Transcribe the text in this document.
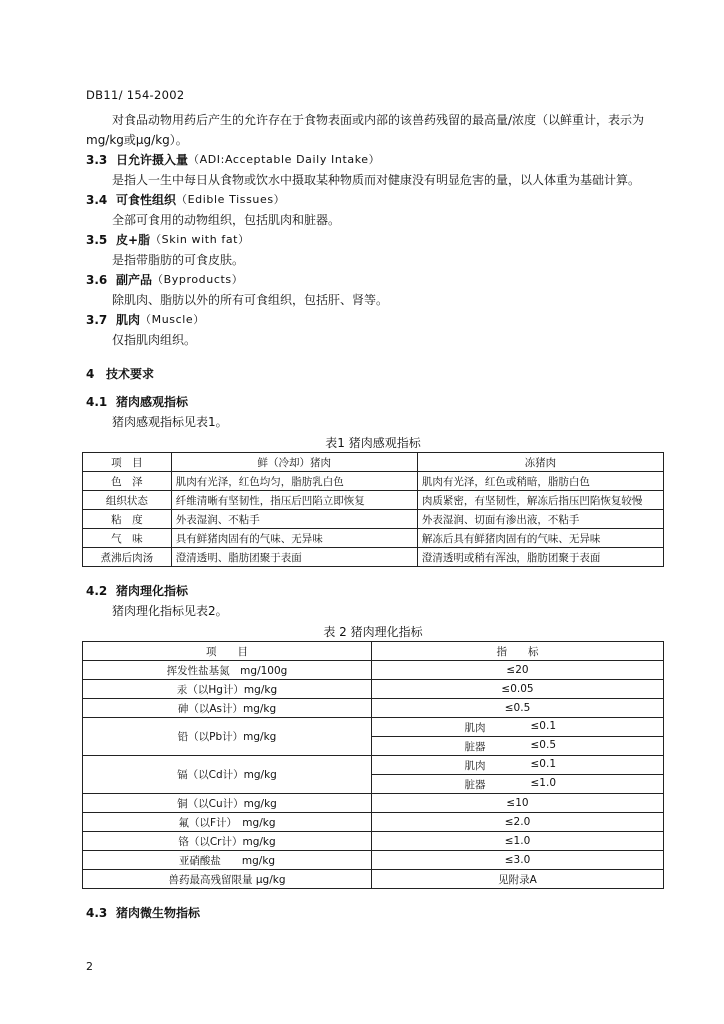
DB11/ 154-2002

对食品动物用药后产生的允许存在于食物表面或内部的该兽药残留的最高量/浓度（以鲜重计，表示为mg/kg或μg/kg）。

3.3 日允许摄入量 （ADI:Acceptable Daily Intake）

是指人一生中每日从食物或饮水中摄取某种物质而对健康没有明显危害的量，以人体重为基础计算。

3.4 可食性组织 （Edible Tissues）

全部可食用的动物组织，包括肌肉和脏器。

3.5 皮+脂 （Skin with fat）

是指带脂肪的可食皮肤。

3.6 副产品 （Byproducts）

除肌肉、脂肪以外的所有可食组织，包括肝、肾等。

3.7 肌肉 （Muscle）

仅指肌肉组织。

4 技术要求
4.1 猪肉感观指标

猪肉感观指标见表1。

表1 猪肉感观指标

项　目	鲜（冷却）猪肉	冻猪肉
色　泽	肌肉有光泽，红色均匀，脂肪乳白色	肌肉有光泽，红色或稍暗，脂肪白色
组织状态	纤维清晰有坚韧性，指压后凹陷立即恢复	肉质紧密，有坚韧性，解冻后指压凹陷恢复较慢
粘　度	外表湿润、不粘手	外表湿润、切面有渗出液，不粘手
气　味	具有鲜猪肉固有的气味、无异味	解冻后具有鲜猪肉固有的气味、无异味
煮沸后肉汤	澄清透明、脂肪团聚于表面	澄清透明或稍有浑浊，脂肪团聚于表面
4.2 猪肉理化指标

猪肉理化指标见表2。

表 2 猪肉理化指标

项　　目	指　　标
挥发性盐基氮　mg/100g	≤20
汞（以Hg计）mg/kg	≤0.05
砷（以As计）mg/kg	≤0.5
铅（以Pb计）mg/kg	肌肉 ≤0.1

	脏器 ≤0.5

镉（以Cd计）mg/kg	肌肉 ≤0.1

	脏器 ≤1.0

铜（以Cu计）mg/kg	≤10
氟（以F计）　mg/kg	≤2.0
铬（以Cr计）mg/kg	≤1.0
亚硝酸盐　　mg/kg	≤3.0
兽药最高残留限量 μg/kg	见附录A
4.3 猪肉微生物指标
2
